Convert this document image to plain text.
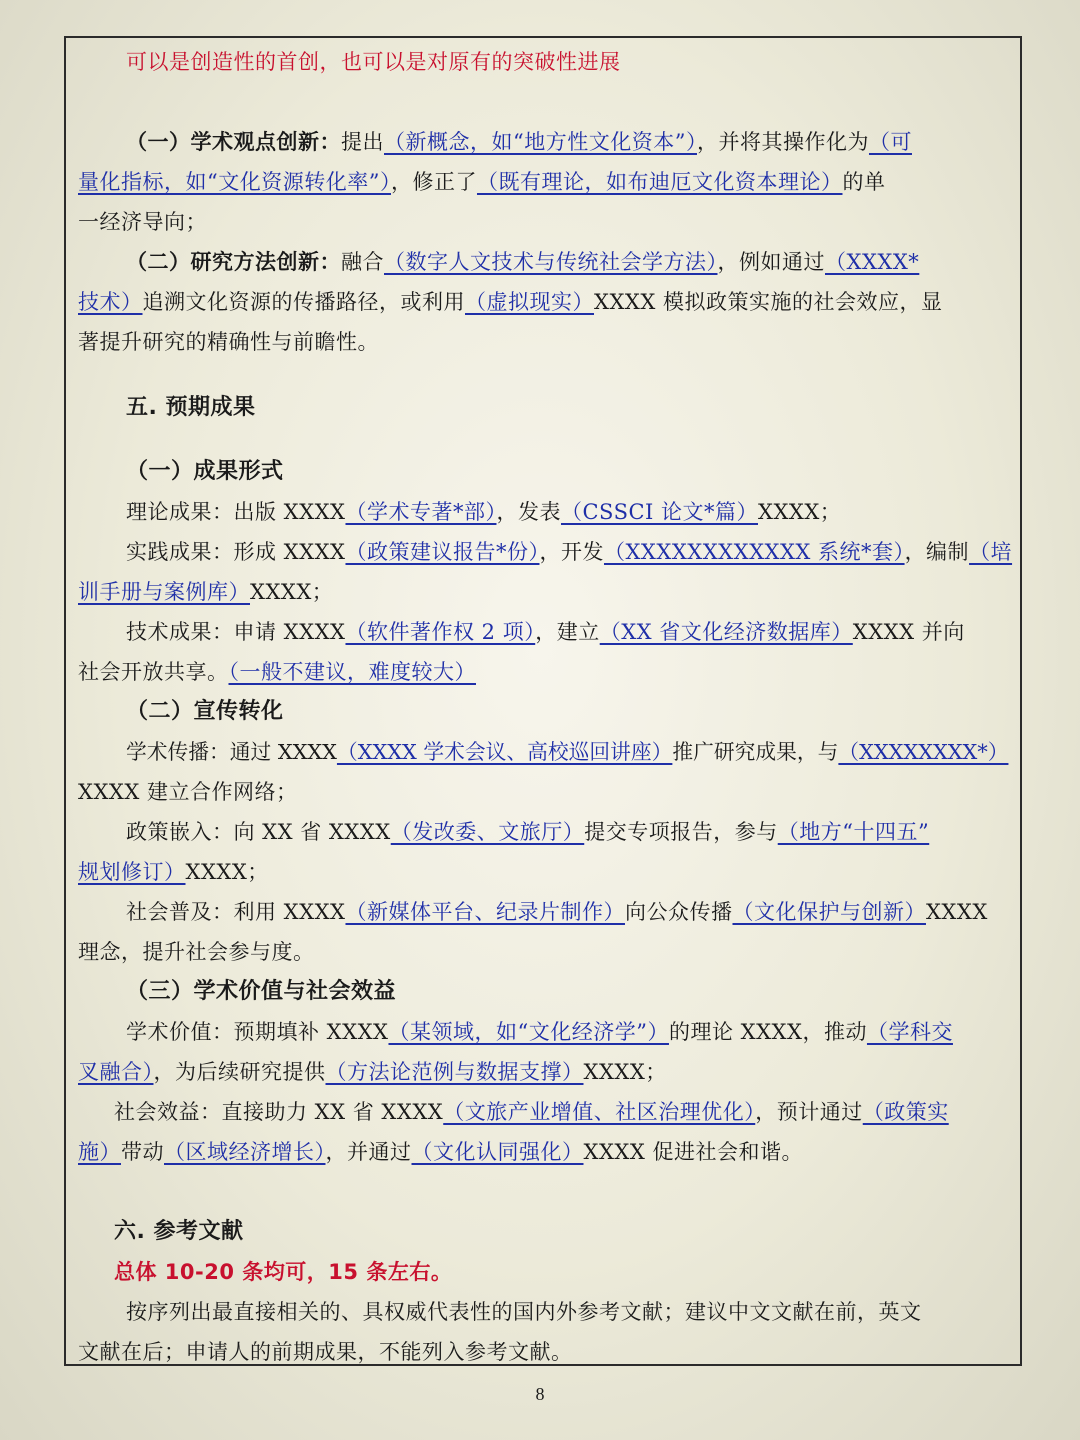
可以是创造性的首创，也可以是对原有的突破性进展
（一）学术观点创新：提出（新概念，如“地方性文化资本”），并将其操作化为（可
量化指标，如“文化资源转化率”），修正了（既有理论，如布迪厄文化资本理论）的单
一经济导向；
（二）研究方法创新：融合（数字人文技术与传统社会学方法），例如通过（XXXX*
技术）追溯文化资源的传播路径，或利用（虚拟现实）XXXX 模拟政策实施的社会效应，显
著提升研究的精确性与前瞻性。
五. 预期成果
（一）成果形式
理论成果：出版 XXXX（学术专著*部），发表（CSSCI 论文*篇）XXXX；
实践成果：形成 XXXX（政策建议报告*份），开发（XXXXXXXXXXXX 系统*套），编制（培
训手册与案例库）XXXX；
技术成果：申请 XXXX（软件著作权 2 项），建立（XX 省文化经济数据库）XXXX 并向
社会开放共享。（一般不建议，难度较大）
（二）宣传转化
学术传播：通过 XXXX（XXXX 学术会议、高校巡回讲座）推广研究成果，与（XXXXXXXX*）
XXXX 建立合作网络；
政策嵌入：向 XX 省 XXXX（发改委、文旅厅）提交专项报告，参与（地方“十四五”
规划修订）XXXX；
社会普及：利用 XXXX（新媒体平台、纪录片制作）向公众传播（文化保护与创新）XXXX
理念，提升社会参与度。
（三）学术价值与社会效益
学术价值：预期填补 XXXX（某领域，如“文化经济学”）的理论 XXXX，推动（学科交
叉融合），为后续研究提供（方法论范例与数据支撑）XXXX；
社会效益：直接助力 XX 省 XXXX（文旅产业增值、社区治理优化），预计通过（政策实
施）带动（区域经济增长），并通过（文化认同强化）XXXX 促进社会和谐。
六. 参考文献
总体 10-20 条均可，15 条左右。
按序列出最直接相关的、具权威代表性的国内外参考文献；建议中文文献在前，英文
文献在后；申请人的前期成果，不能列入参考文献。
8
